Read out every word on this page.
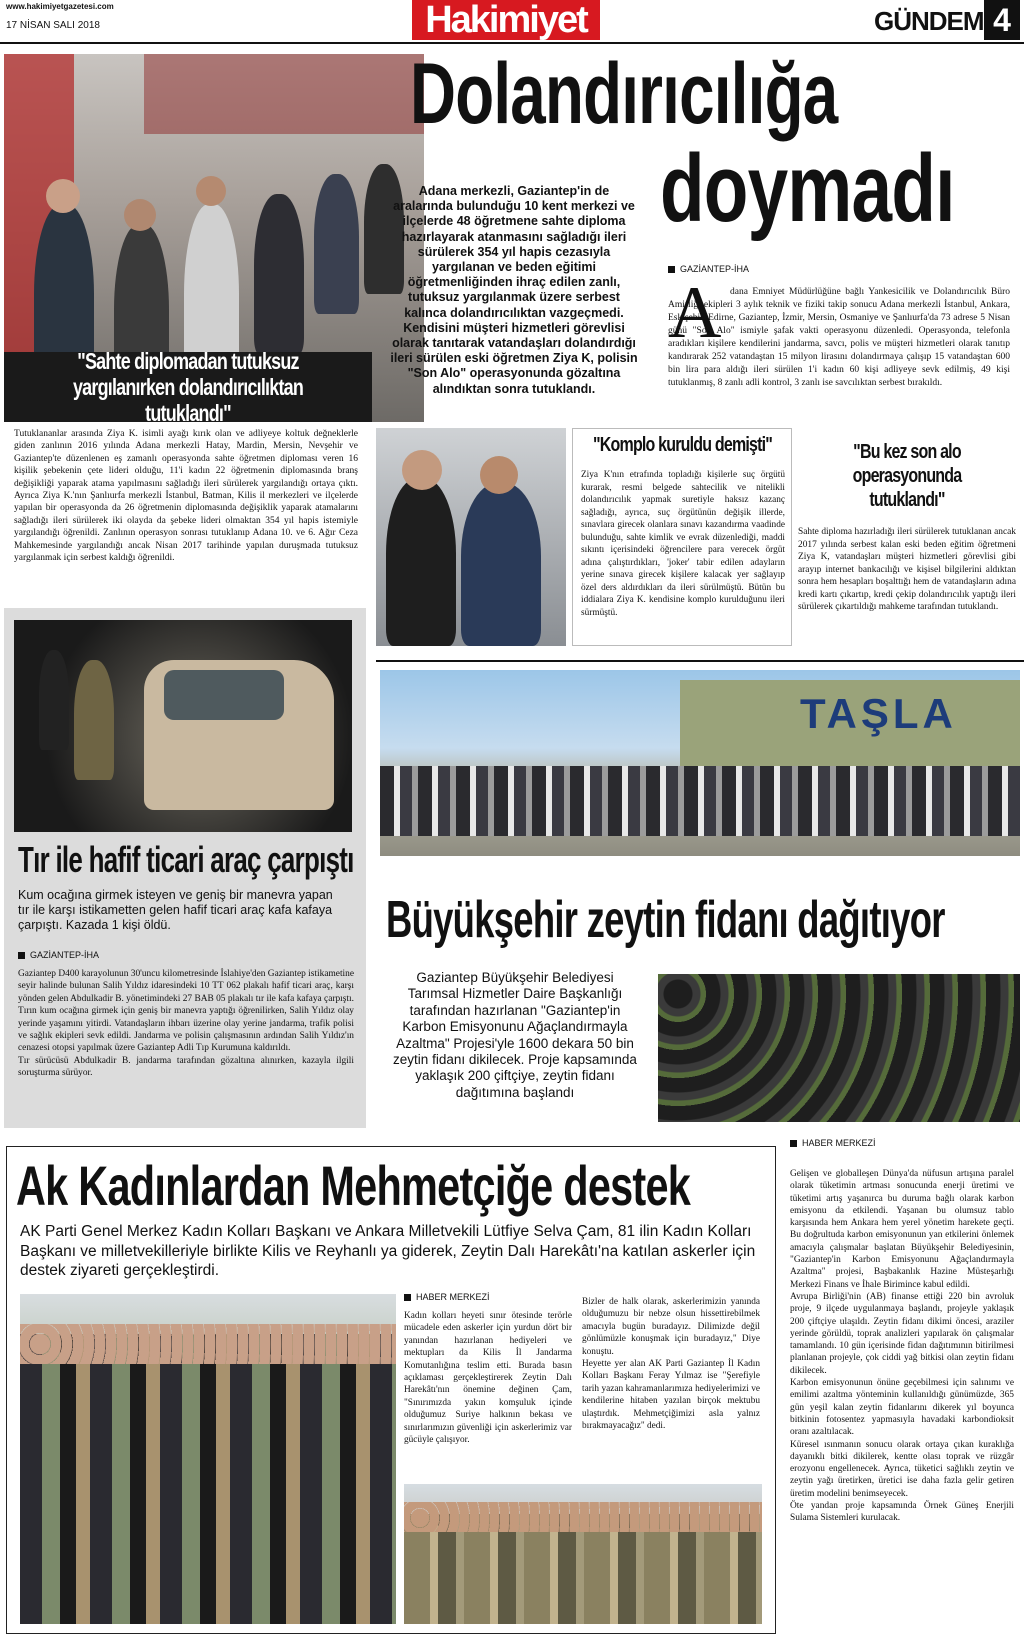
www.hakimiyetgazetesi.com
17 NİSAN SALI 2018	Hakimiyet	GÜNDEM 4
"Sahte diplomadan tutuksuz yargılanırken dolandırıcılıktan tutuklandı"
Dolandırıcılığa
doymadı
Adana merkezli, Gaziantep'in de aralarında bulunduğu 10 kent merkezi ve ilçelerde 48 öğretmene sahte diploma hazırlayarak atanmasını sağladığı ileri sürülerek 354 yıl hapis cezasıyla yargılanan ve beden eğitimi öğretmenliğinden ihraç edilen zanlı, tutuksuz yargılanmak üzere serbest kalınca dolandırıcılıktan vazgeçmedi. Kendisini müşteri hizmetleri görevlisi olarak tanıtarak vatandaşları dolandırdığı ileri sürülen eski öğretmen Ziya K, polisin "Son Alo" operasyonunda gözaltına alındıktan sonra tutuklandı.
GAZİANTEP-İHA
A dana Emniyet Müdürlüğüne bağlı Yankesicilik ve Dolandırıcılık Büro Amirliği ekipleri 3 aylık teknik ve fiziki takip sonucu Adana merkezli İstanbul, Ankara, Eskişehir, Edirne, Gaziantep, İzmir, Mersin, Osmaniye ve Şanlıurfa'da 73 adrese 5 Nisan günü "Son Alo" ismiyle şafak vakti operasyonu düzenledi. Operasyonda, telefonla aradıkları kişilere kendilerini jandarma, savcı, polis ve müşteri hizmetleri olarak tanıtıp kandırarak 252 vatandaştan 15 milyon lirasını dolandırmaya çalışıp 15 vatandaştan 600 bin lira para aldığı ileri sürülen 1'i kadın 60 kişi adliyeye sevk edilmiş, 49 kişi tutuklanmış, 8 zanlı adli kontrol, 3 zanlı ise savcılıktan serbest bırakıldı.
Tutuklananlar arasında Ziya K. isimli ayağı kırık olan ve adliyeye koltuk değneklerle giden zanlının 2016 yılında Adana merkezli Hatay, Mardin, Mersin, Nevşehir ve Gaziantep'te düzenlenen eş zamanlı operasyonda sahte öğretmen diploması veren 16 kişilik şebekenin çete lideri olduğu, 11'i kadın 22 öğretmenin diplomasında branş değişikliği yaparak atama yapılmasını sağladığı ileri sürülerek yargılandığı ortaya çıktı. Ayrıca Ziya K.'nın Şanlıurfa merkezli İstanbul, Batman, Kilis il merkezleri ve ilçelerde yapılan bir operasyonda da 26 öğretmenin diplomasında değişiklik yaparak atamalarını sağladığı ileri sürülerek iki olayda da şebeke lideri olmaktan 354 yıl hapis istemiyle yargılandığı öğrenildi. Zanlının operasyon sonrası tutuklanıp Adana 10. ve 6. Ağır Ceza Mahkemesinde yargılandığı ancak Nisan 2017 tarihinde yapılan duruşmada tutuksuz yargılanmak için serbest kaldığı öğrenildi.
"Komplo kuruldu demişti"
Ziya K'nın etrafında topladığı kişilerle suç örgütü kurarak, resmi belgede sahtecilik ve nitelikli dolandırıcılık yapmak suretiyle haksız kazanç sağladığı, ayrıca, suç örgütünün değişik illerde, sınavlara girecek olanlara sınavı kazandırma vaadinde bulunduğu, sahte kimlik ve evrak düzenlediği, maddi sıkıntı içerisindeki öğrencilere para verecek örgüt adına çalıştırdıkları, 'joker' tabir edilen adayların yerine sınava girecek kişilere kalacak yer sağlayıp özel ders aldırdıkları da ileri sürülmüştü. Bütün bu iddialara Ziya K. kendisine komplo kurulduğunu ileri sürmüştü.
"Bu kez son alo operasyonunda tutuklandı"
Sahte diploma hazırladığı ileri sürülerek tutuklanan ancak 2017 yılında serbest kalan eski beden eğitim öğretmeni Ziya K, vatandaşları müşteri hizmetleri görevlisi gibi arayıp internet bankacılığı ve kişisel bilgilerini aldıktan sonra hem hesapları boşalttığı hem de vatandaşların adına kredi kartı çıkartıp, kredi çekip dolandırıcılık yaptığı ileri sürülerek çıkartıldığı mahkeme tarafından tutuklandı.
Tır ile hafif ticari araç çarpıştı
Kum ocağına girmek isteyen ve geniş bir manevra yapan tır ile karşı istikametten gelen hafif ticari araç kafa kafaya çarpıştı. Kazada 1 kişi öldü.
GAZİANTEP-İHA
Gaziantep D400 karayolunun 30'uncu kilometresinde İslahiye'den Gaziantep istikametine seyir halinde bulunan Salih Yıldız idaresindeki 10 TT 062 plakalı hafif ticari araç, karşı yönden gelen Abdulkadir B. yönetimindeki 27 BAB 05 plakalı tır ile kafa kafaya çarpıştı. Tırın kum ocağına girmek için geniş bir manevra yaptığı öğrenilirken, Salih Yıldız olay yerinde yaşamını yitirdi. Vatandaşların ihbarı üzerine olay yerine jandarma, trafik polisi ve sağlık ekipleri sevk edildi. Jandarma ve polisin çalışmasının ardından Salih Yıldız'ın cenazesi otopsi yapılmak üzere Gaziantep Adli Tıp Kurumuna kaldırıldı.
Tır sürücüsü Abdulkadir B. jandarma tarafından gözaltına alınırken, kazayla ilgili soruşturma sürüyor.
TAŞLA
Büyükşehir zeytin fidanı dağıtıyor
Gaziantep Büyükşehir Belediyesi Tarımsal Hizmetler Daire Başkanlığı tarafından hazırlanan "Gaziantep'in Karbon Emisyonunu Ağaçlandırmayla Azaltma" Projesi'yle 1600 dekara 50 bin zeytin fidanı dikilecek. Proje kapsamında yaklaşık 200 çiftçiye, zeytin fidanı dağıtımına başlandı
HABER MERKEZİ
Gelişen ve globalleşen Dünya'da nüfusun artışına paralel olarak tüketimin artması sonucunda enerji üretimi ve tüketimi artış yaşanırca bu duruma bağlı olarak karbon emisyonu da etkilendi. Yaşanan bu olumsuz tablo karşısında hem Ankara hem yerel yönetim harekete geçti. Bu doğrultuda karbon emisyonunun yan etkilerini önlemek amacıyla çalışmalar başlatan Büyükşehir Belediyesinin, "Gaziantep'in Karbon Emisyonunu Ağaçlandırmayla Azaltma" projesi, Başbakanlık Hazine Müsteşarlığı Merkezi Finans ve İhale Birimince kabul edildi.
Avrupa Birliği'nin (AB) finanse ettiği 220 bin avroluk proje, 9 ilçede uygulanmaya başlandı, projeyle yaklaşık 200 çiftçiye ulaşıldı. Zeytin fidanı dikimi öncesi, araziler yerinde görüldü, toprak analizleri yapılarak ön çalışmalar tamamlandı. 10 gün içerisinde fidan dağıtımının bitirilmesi planlanan projeyle, çok ciddi yağ bitkisi olan zeytin fidanı dikilecek.
Karbon emisyonunun önüne geçebilmesi için salınımı ve emilimi azaltma yönteminin kullanıldığı günümüzde, 365 gün yeşil kalan zeytin fidanlarını dikerek yıl boyunca bitkinin fotosentez yapmasıyla havadaki karbondioksit oranı azaltılacak.
Küresel ısınmanın sonucu olarak ortaya çıkan kuraklığa dayanıklı bitki dikilerek, kentte olası toprak ve rüzgâr erozyonu engellenecek. Ayrıca, tüketici sağlıklı zeytin ve zeytin yağı üretirken, üretici ise daha fazla gelir getiren üretim modelini benimseyecek.
Öte yandan proje kapsamında Örnek Güneş Enerjili Sulama Sistemleri kurulacak.
Ak Kadınlardan Mehmetçiğe destek
AK Parti Genel Merkez Kadın Kolları Başkanı ve Ankara Milletvekili Lütfiye Selva Çam, 81 ilin Kadın Kolları Başkanı ve milletvekilleriyle birlikte Kilis ve Reyhanlı ya giderek, Zeytin Dalı Harekâtı'na katılan askerler için destek ziyareti gerçekleştirdi.
HABER MERKEZİ
Kadın kolları heyeti sınır ötesinde terörle mücadele eden askerler için yurdun dört bir yanından hazırlanan hediyeleri ve mektupları da Kilis İl Jandarma Komutanlığına teslim etti. Burada basın açıklaması gerçekleştirerek Zeytin Dalı Harekâtı'nın önemine değinen Çam, "Sınırımızda yakın komşuluk içinde olduğumuz Suriye halkının bekası ve sınırlarımızın güvenliği için askerlerimiz var gücüyle çalışıyor.
Bizler de halk olarak, askerlerimizin yanında olduğumuzu bir nebze olsun hissettirebilmek amacıyla bugün buradayız. Dilimizde değil gönlümüzle konuşmak için buradayız," Diye konuştu.
Heyette yer alan AK Parti Gaziantep İl Kadın Kolları Başkanı Feray Yılmaz ise "Şerefiyle tarih yazan kahramanlarımıza hediyelerimizi ve kendilerine hitaben yazılan birçok mektubu ulaştırdık. Mehmetçiğimizi asla yalnız bırakmayacağız" dedi.
